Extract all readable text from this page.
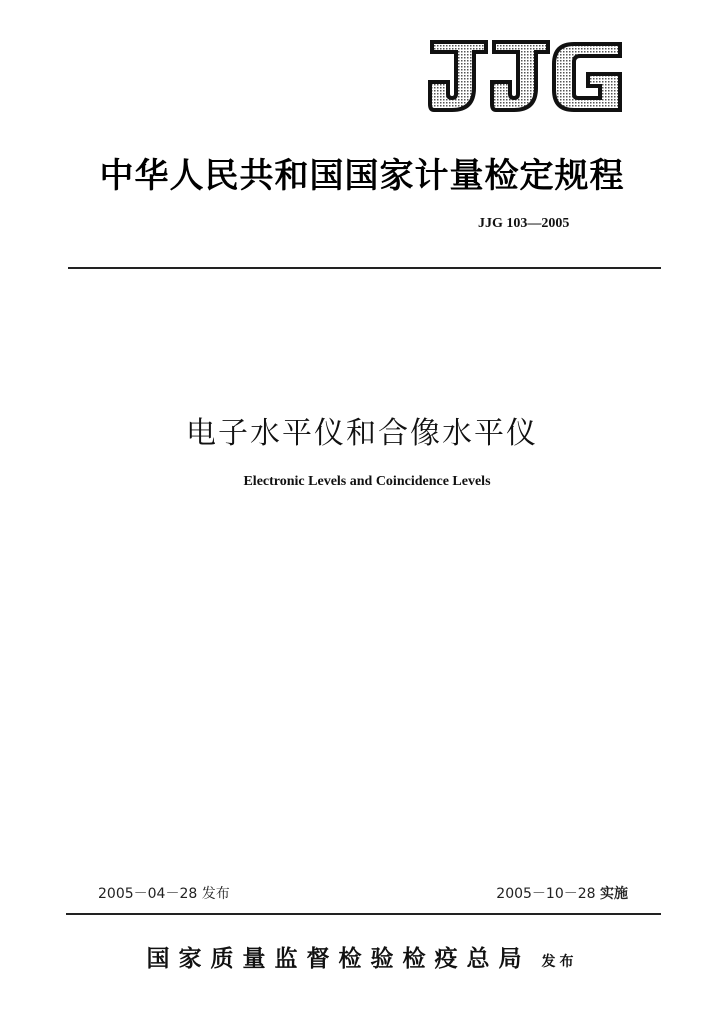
中华人民共和国国家计量检定规程
JJG 103—2005
电子水平仪和合像水平仪
Electronic Levels and Coincidence Levels
2005－04－28 发布	2005－10－28 实施
国家质量监督检验检疫总局 发布
